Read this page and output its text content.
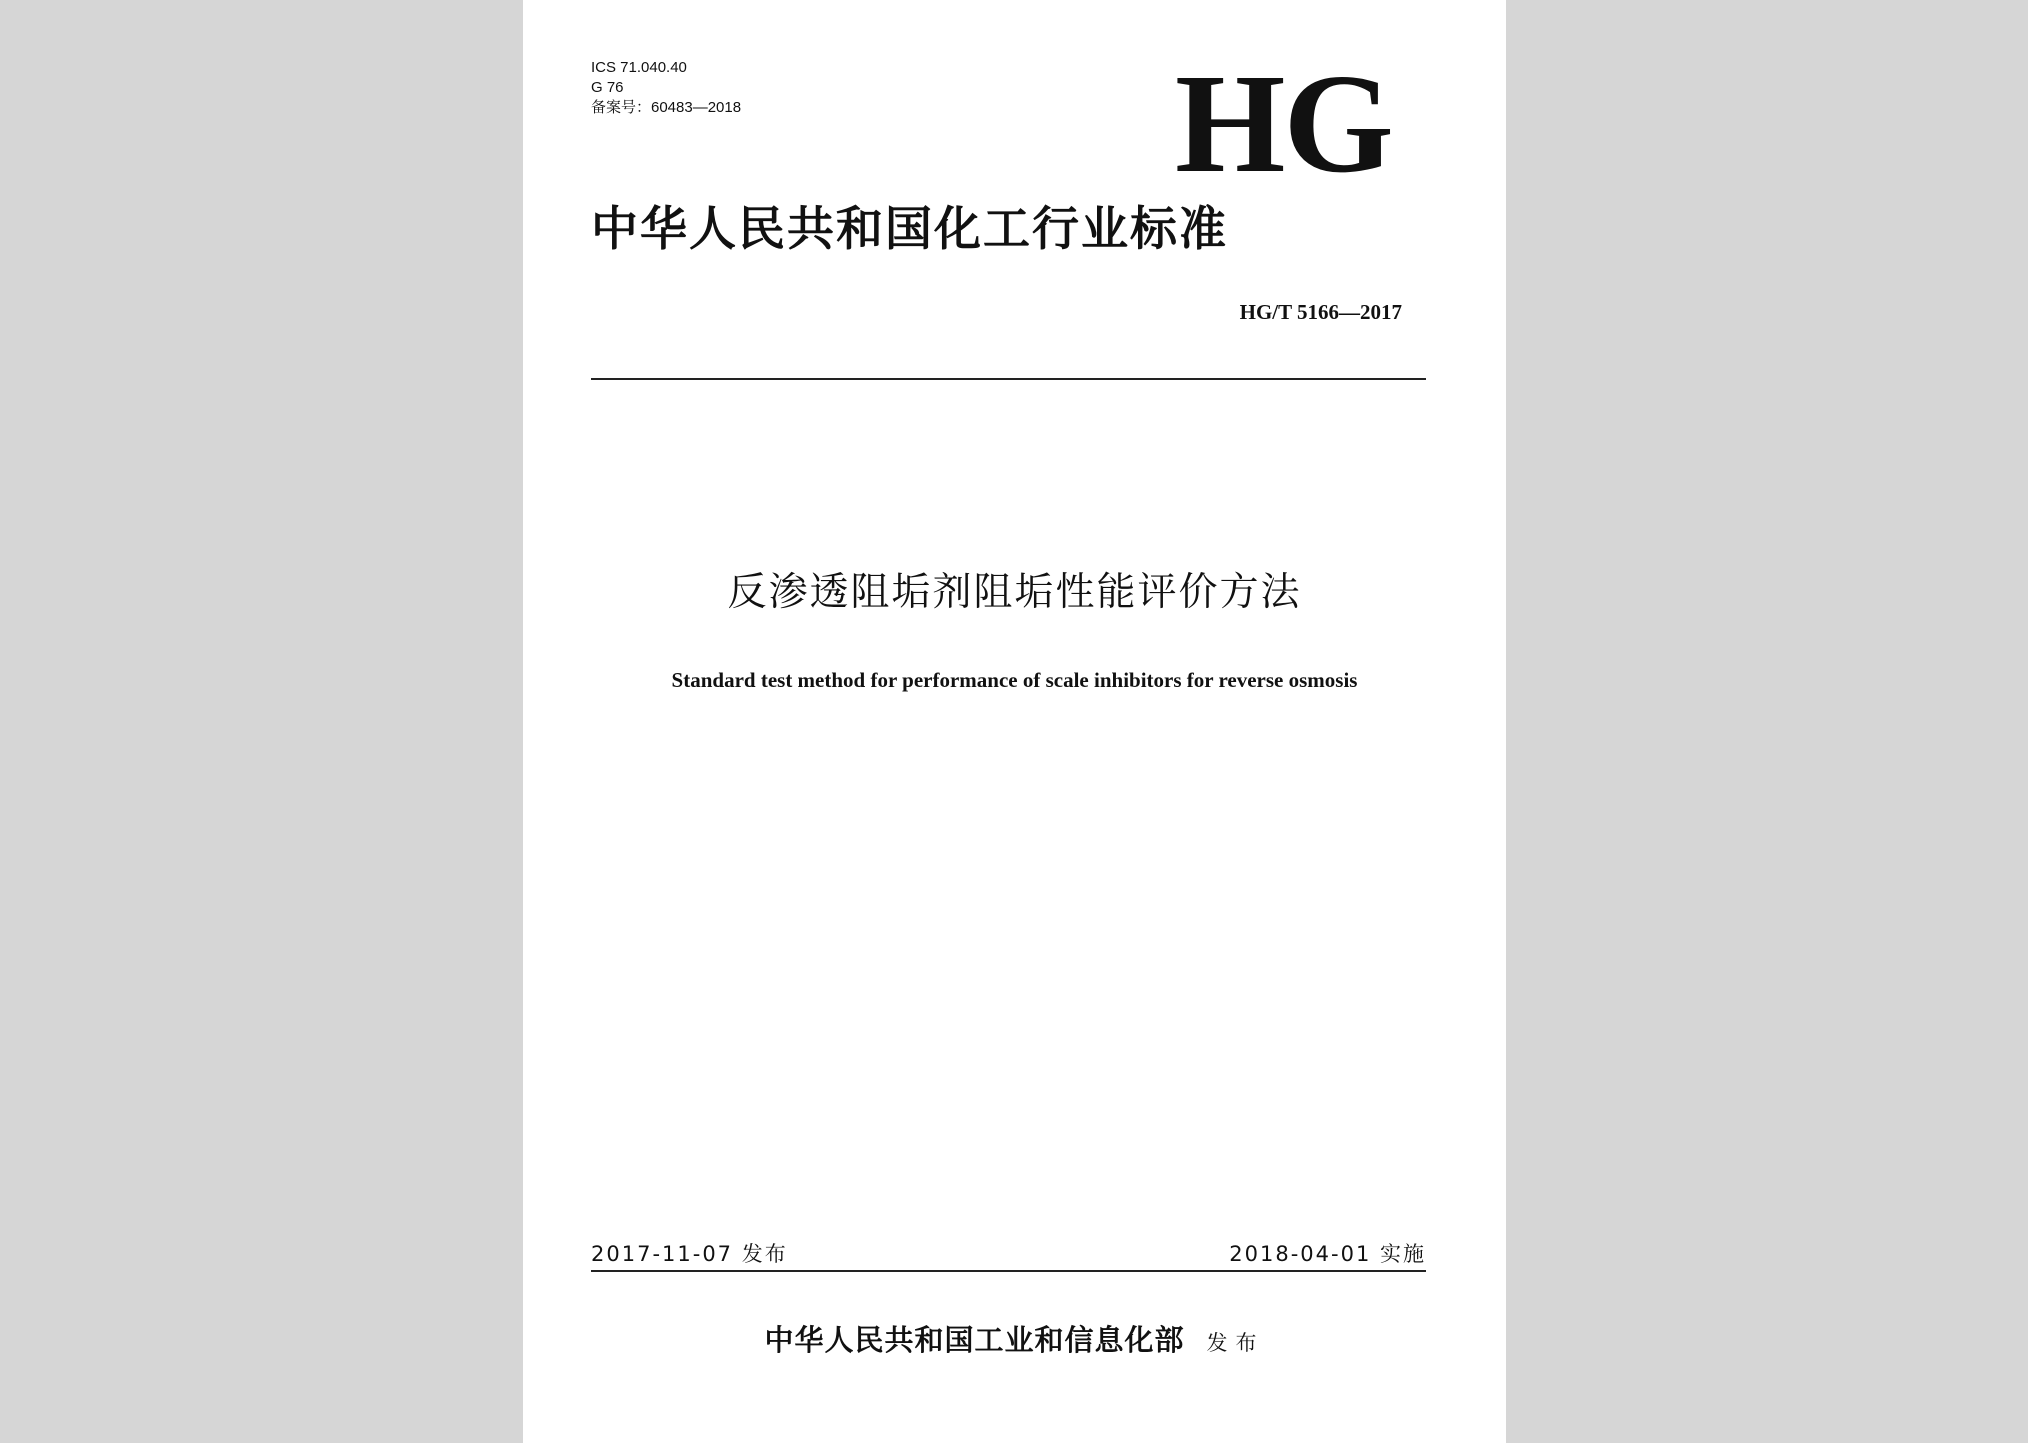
ICS 71.040.40
G 76
备案号：60483—2018	HG
中华人民共和国化工行业标准
HG/T 5166—2017
反渗透阻垢剂阻垢性能评价方法
Standard test method for performance of scale inhibitors for reverse osmosis
2017-11-07 发布	2018-04-01 实施
中华人民共和国工业和信息化部 发布
